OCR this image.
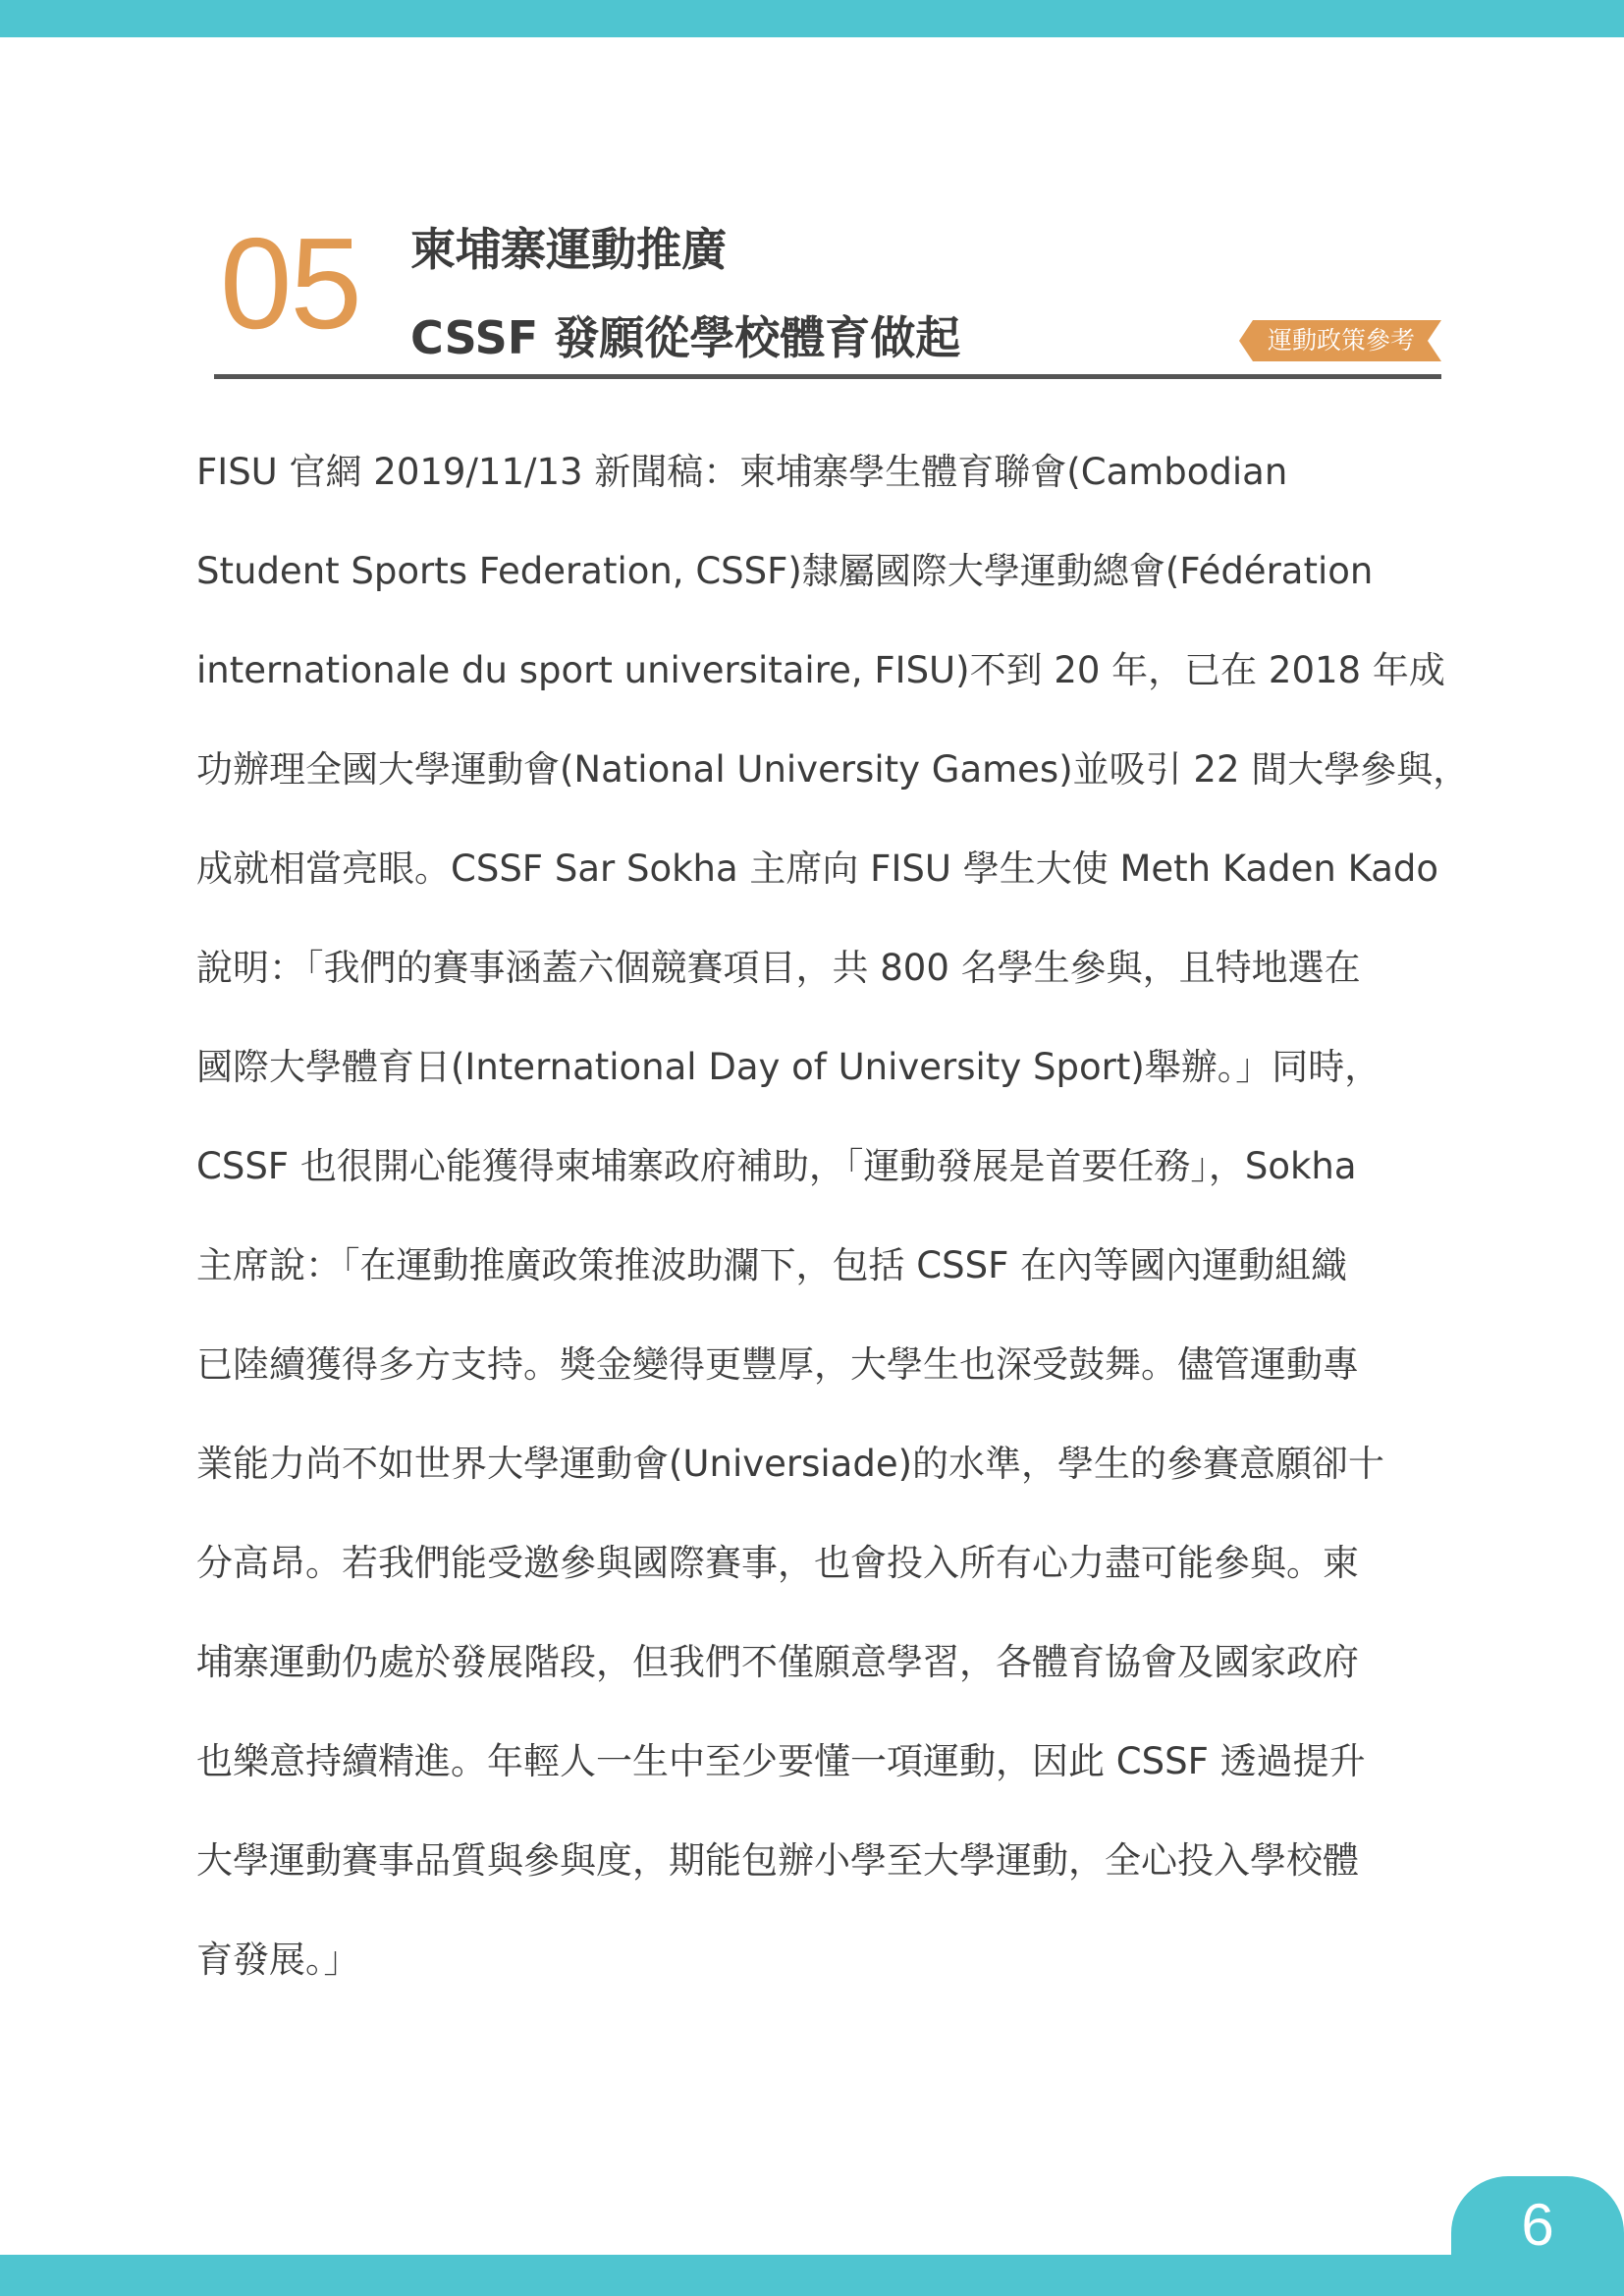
05 柬埔寨運動推廣
CSSF 發願從學校體育做起	運動政策參考
FISU 官網 2019/11/13 新聞稿：柬埔寨學生體育聯會(Cambodian
Student Sports Federation, CSSF)隸屬國際大學運動總會(Fédération
internationale du sport universitaire, FISU)不到 20 年，已在 2018 年成
功辦理全國大學運動會(National University Games)並吸引 22 間大學參與，
成就相當亮眼。CSSF Sar Sokha 主席向 FISU 學生大使 Meth Kaden Kado
說明：「我們的賽事涵蓋六個競賽項目，共 800 名學生參與，且特地選在
國際大學體育日(International Day of University Sport)舉辦。」同時，
CSSF 也很開心能獲得柬埔寨政府補助，「運動發展是首要任務」，Sokha
主席說：「在運動推廣政策推波助瀾下，包括 CSSF 在內等國內運動組織
已陸續獲得多方支持。獎金變得更豐厚，大學生也深受鼓舞。儘管運動專
業能力尚不如世界大學運動會(Universiade)的水準，學生的參賽意願卻十
分高昂。若我們能受邀參與國際賽事，也會投入所有心力盡可能參與。柬
埔寨運動仍處於發展階段，但我們不僅願意學習，各體育協會及國家政府
也樂意持續精進。年輕人一生中至少要懂一項運動，因此 CSSF 透過提升
大學運動賽事品質與參與度，期能包辦小學至大學運動，全心投入學校體
育發展。」
6
